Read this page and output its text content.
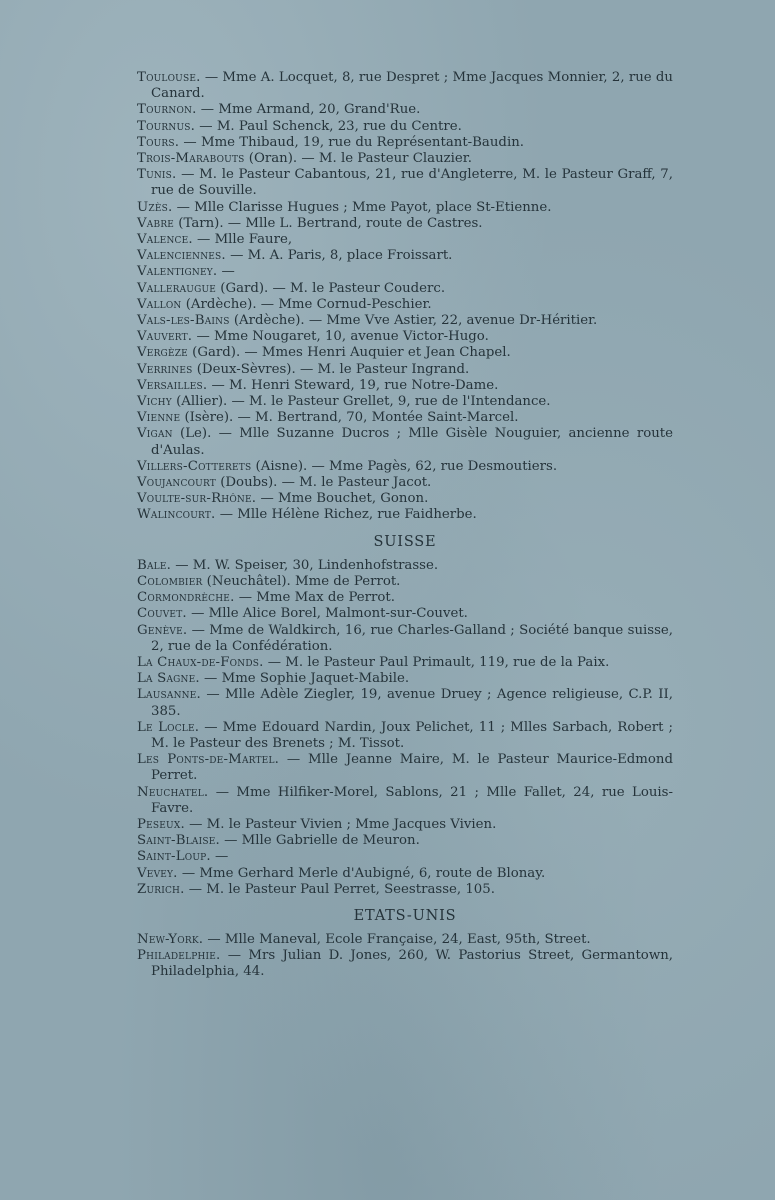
Toulouse. — Mme A. Locquet, 8, rue Despret ; Mme Jacques Monnier, 2, rue du Canard.
Tournon. — Mme Armand, 20, Grand'Rue.
Tournus. — M. Paul Schenck, 23, rue du Centre.
Tours. — Mme Thibaud, 19, rue du Représentant-Baudin.
Trois-Marabouts (Oran). — M. le Pasteur Clauzier.
Tunis. — M. le Pasteur Cabantous, 21, rue d'Angleterre, M. le Pasteur Graff, 7, rue de Souville.
Uzès. — Mlle Clarisse Hugues ; Mme Payot, place St-Etienne.
Vabre (Tarn). — Mlle L. Bertrand, route de Castres.
Valence. — Mlle Faure,
Valenciennes. — M. A. Paris, 8, place Froissart.
Valentigney. —
Valleraugue (Gard). — M. le Pasteur Couderc.
Vallon (Ardèche). — Mme Cornud-Peschier.
Vals-les-Bains (Ardèche). — Mme Vve Astier, 22, avenue Dr-Héritier.
Vauvert. — Mme Nougaret, 10, avenue Victor-Hugo.
Vergèze (Gard). — Mmes Henri Auquier et Jean Chapel.
Verrines (Deux-Sèvres). — M. le Pasteur Ingrand.
Versailles. — M. Henri Steward, 19, rue Notre-Dame.
Vichy (Allier). — M. le Pasteur Grellet, 9, rue de l'Intendance.
Vienne (Isère). — M. Bertrand, 70, Montée Saint-Marcel.
Vigan (Le). — Mlle Suzanne Ducros ; Mlle Gisèle Nouguier, ancienne route d'Aulas.
Villers-Cotterets (Aisne). — Mme Pagès, 62, rue Desmoutiers.
Voujancourt (Doubs). — M. le Pasteur Jacot.
Voulte-sur-Rhône. — Mme Bouchet, Gonon.
Walincourt. — Mlle Hélène Richez, rue Faidherbe.
SUISSE
Bale. — M. W. Speiser, 30, Lindenhofstrasse.
Colombier (Neuchâtel). Mme de Perrot.
Cormondrèche. — Mme Max de Perrot.
Couvet. — Mlle Alice Borel, Malmont-sur-Couvet.
Genève. — Mme de Waldkirch, 16, rue Charles-Galland ; Société banque suisse, 2, rue de la Confédération.
La Chaux-de-Fonds. — M. le Pasteur Paul Primault, 119, rue de la Paix.
La Sagne. — Mme Sophie Jaquet-Mabile.
Lausanne. — Mlle Adèle Ziegler, 19, avenue Druey ; Agence religieuse, C.P. II, 385.
Le Locle. — Mme Edouard Nardin, Joux Pelichet, 11 ; Mlles Sarbach, Robert ; M. le Pasteur des Brenets ; M. Tissot.
Les Ponts-de-Martel. — Mlle Jeanne Maire, M. le Pasteur Maurice-Edmond Perret.
Neuchatel. — Mme Hilfiker-Morel, Sablons, 21 ; Mlle Fallet, 24, rue Louis-Favre.
Peseux. — M. le Pasteur Vivien ; Mme Jacques Vivien.
Saint-Blaise. — Mlle Gabrielle de Meuron.
Saint-Loup. —
Vevey. — Mme Gerhard Merle d'Aubigné, 6, route de Blonay.
Zurich. — M. le Pasteur Paul Perret, Seestrasse, 105.
ETATS-UNIS
New-York. — Mlle Maneval, Ecole Française, 24, East, 95th, Street.
Philadelphie. — Mrs Julian D. Jones, 260, W. Pastorius Street, Germantown, Philadelphia, 44.
